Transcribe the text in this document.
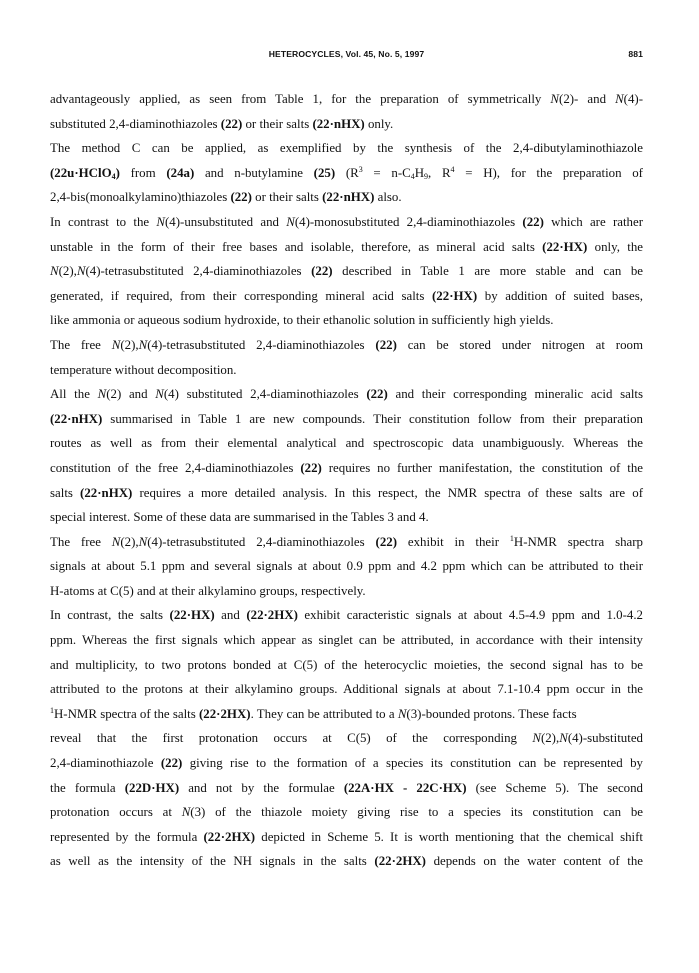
HETEROCYCLES, Vol. 45, No. 5, 1997	881
advantageously applied, as seen from Table 1, for the preparation of symmetrically N(2)- and N(4)-
substituted 2,4-diaminothiazoles (22) or their salts (22·nHX) only.
The method C can be applied, as exemplified by the synthesis of the 2,4-dibutylaminothiazole
(22u·HClO$_4$) from (24a) and n-butylamine (25) ($R^3 = n-C_4H_9$, $R^4 = H$), for the preparation of
2,4-bis(monoalkylamino)thiazoles (22) or their salts (22·nHX) also.
In contrast to the N(4)-unsubstituted and N(4)-monosubstituted 2,4-diaminothiazoles (22) which are rather
unstable in the form of their free bases and isolable, therefore, as mineral acid salts (22·HX) only, the
N(2),N(4)-tetrasubstituted 2,4-diaminothiazoles (22) described in Table 1 are more stable and can be
generated, if required, from their corresponding mineral acid salts (22·HX) by addition of suited bases,
like ammonia or aqueous sodium hydroxide, to their ethanolic solution in sufficiently high yields.
The free N(2),N(4)-tetrasubstituted 2,4-diaminothiazoles (22) can be stored under nitrogen at room
temperature without decomposition.
All the N(2) and N(4) substituted 2,4-diaminothiazoles (22) and their corresponding mineralic acid salts
(22·nHX) summarised in Table 1 are new compounds. Their constitution follow from their preparation
routes as well as from their elemental analytical and spectroscopic data unambiguously. Whereas the
constitution of the free 2,4-diaminothiazoles (22) requires no further manifestation, the constitution of the
salts (22·nHX) requires a more detailed analysis. In this respect, the NMR spectra of these salts are of
special interest. Some of these data are summarised in the Tables 3 and 4.
The free N(2),N(4)-tetrasubstituted 2,4-diaminothiazoles (22) exhibit in their $^1$H-NMR spectra sharp
signals at about 5.1 ppm and several signals at about 0.9 ppm and 4.2 ppm which can be attributed to their
H-atoms at C(5) and at their alkylamino groups, respectively.
In contrast, the salts (22·HX) and (22·2HX) exhibit caracteristic signals at about 4.5-4.9 ppm and 1.0-4.2
ppm. Whereas the first signals which appear as singlet can be attributed, in accordance with their intensity
and multiplicity, to two protons bonded at C(5) of the heterocyclic moieties, the second signal has to be
attributed to the protons at their alkylamino groups. Additional signals at about 7.1-10.4 ppm occur in the
$^1$H-NMR spectra of the salts (22·2HX). They can be attributed to a N(3)-bounded protons. These facts
reveal that the first protonation occurs at C(5) of the corresponding N(2),N(4)-substituted
2,4-diaminothiazole (22) giving rise to the formation of a species its constitution can be represented by
the formula (22D·HX) and not by the formulae (22A·HX - 22C·HX) (see Scheme 5). The second
protonation occurs at N(3) of the thiazole moiety giving rise to a species its constitution can be
represented by the formula (22·2HX) depicted in Scheme 5. It is worth mentioning that the chemical shift
as well as the intensity of the NH signals in the salts (22·2HX) depends on the water content of the
